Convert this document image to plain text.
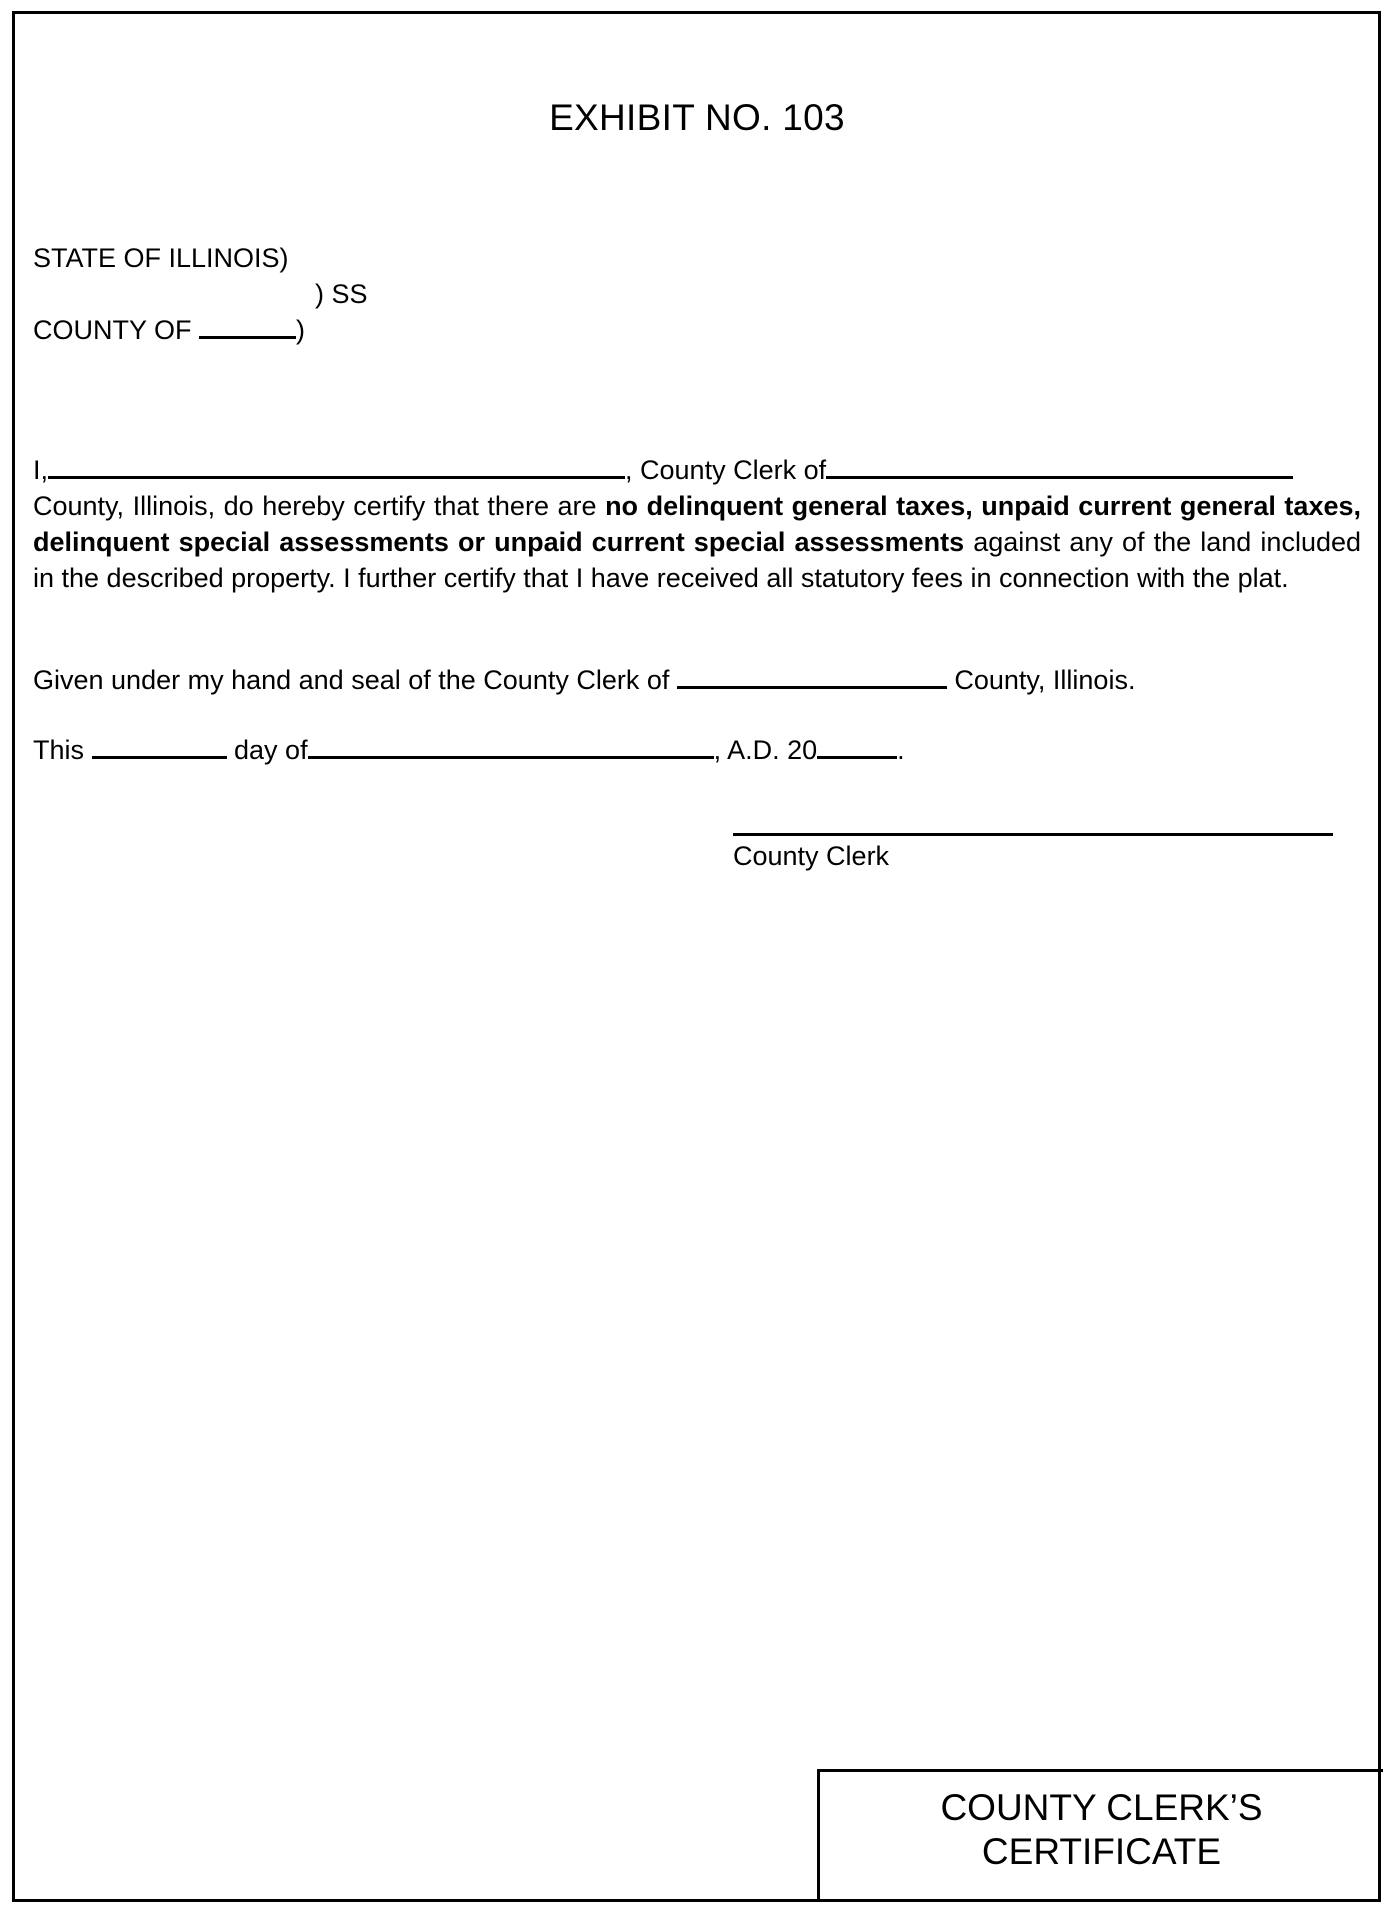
EXHIBIT NO. 103
STATE OF ILLINOIS)
) SS
COUNTY OF	)
I,	, County Clerk of

County, Illinois, do hereby certify that there are no delinquent general taxes, unpaid current general taxes, delinquent special assessments or unpaid current special assessments against any of the land included in the described property. I further certify that I have received all statutory fees in connection with the plat.

Given under my hand and seal of the County Clerk of	County, Illinois.
This	day of	, A.D. 20	.
County Clerk
COUNTY CLERK’S
CERTIFICATE
